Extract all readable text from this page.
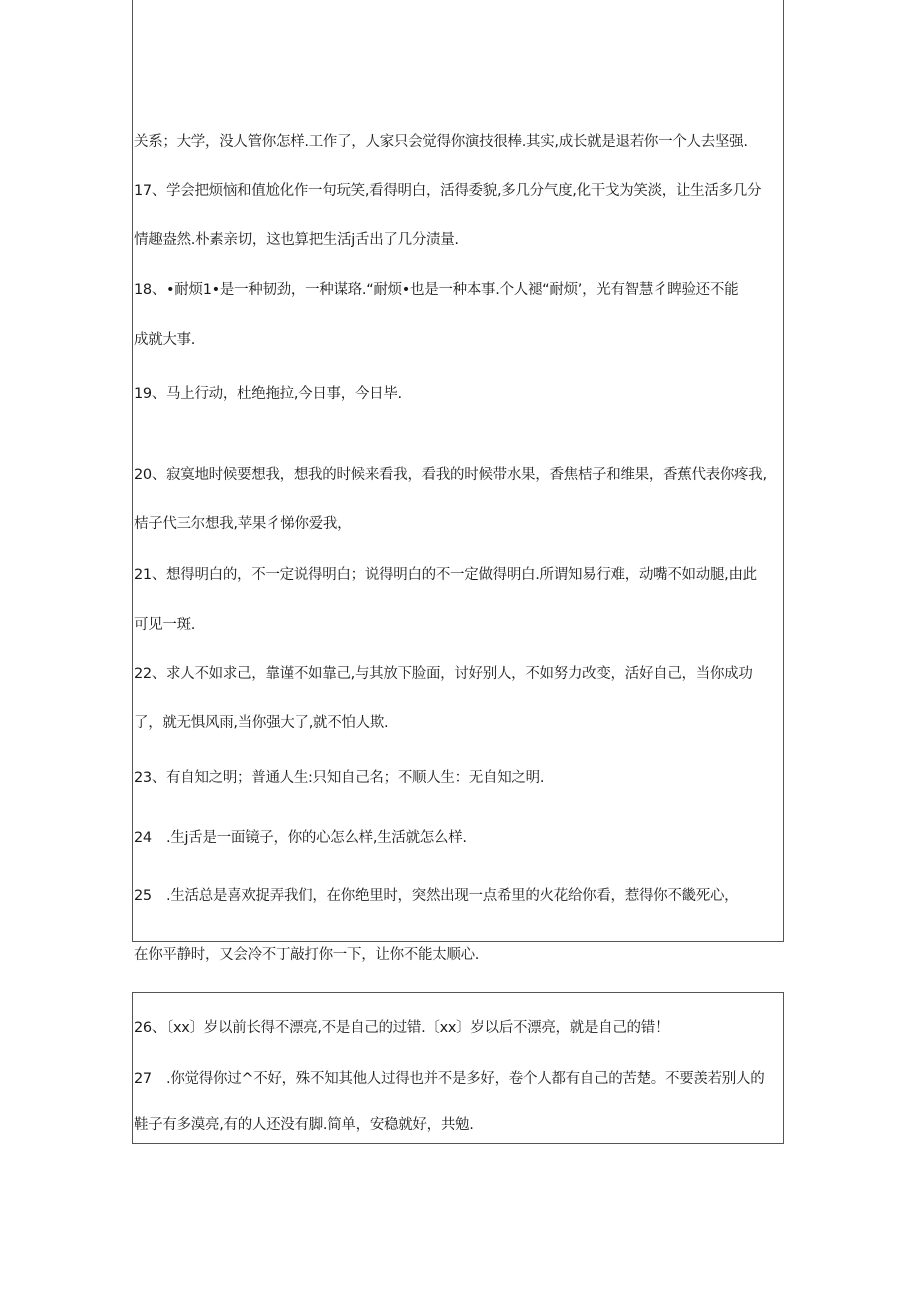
关系；大学，没人管你怎样.工作了，人家只会觉得你演技很棒.其实,成长就是退若你一个人去坚强.
17、学会把烦恼和值尬化作一句玩笑,看得明白，活得委貌,多几分气度,化干戈为笑淡，让生活多几分
情趣盎然.朴素亲切，这也算把生活j舌出了几分渍量.
18、•耐烦1•是一种韧劲，一种谋珞.“耐烦•也是一种本事.个人褪“耐烦’，光有智慧彳睥验还不能
成就大事.
19、马上行动，杜绝拖拉,今日事，今日毕.
20、寂寞地时候要想我，想我的时候来看我，看我的时候带水果，香焦桔子和维果，香蕉代表你疼我,
桔子代三尔想我,苹果彳悌你爱我，
21、想得明白的，不一定说得明白；说得明白的不一定做得明白.所谓知易行难，动嘴不如动腿,由此
可见一斑.
22、求人不如求己，靠谨不如靠己,与其放下脸面，讨好别人，不如努力改变，活好自己，当你成功
了，就无惧风雨,当你强大了,就不怕人欺.
23、有自知之明；普通人生:只知自己名；不顺人生：无自知之明.
24　.生j舌是一面镜子，你的心怎么样,生活就怎么样.
25　.生活总是喜欢捉弄我们，在你绝里时，突然出现一点希里的火花给你看，惹得你不畿死心，
在你平静时，又会冷不丁敲打你一下，让你不能太顺心.
26、〔xx〕岁以前长得不漂亮,不是自己的过错.〔xx〕岁以后不漂亮，就是自己的错！
27　.你觉得你过^不好，殊不知其他人过得也并不是多好，卷个人都有自己的苦楚。不要羡若别人的
鞋子有多漠亮,有的人还没有脚.简单，安稳就好，共勉.
